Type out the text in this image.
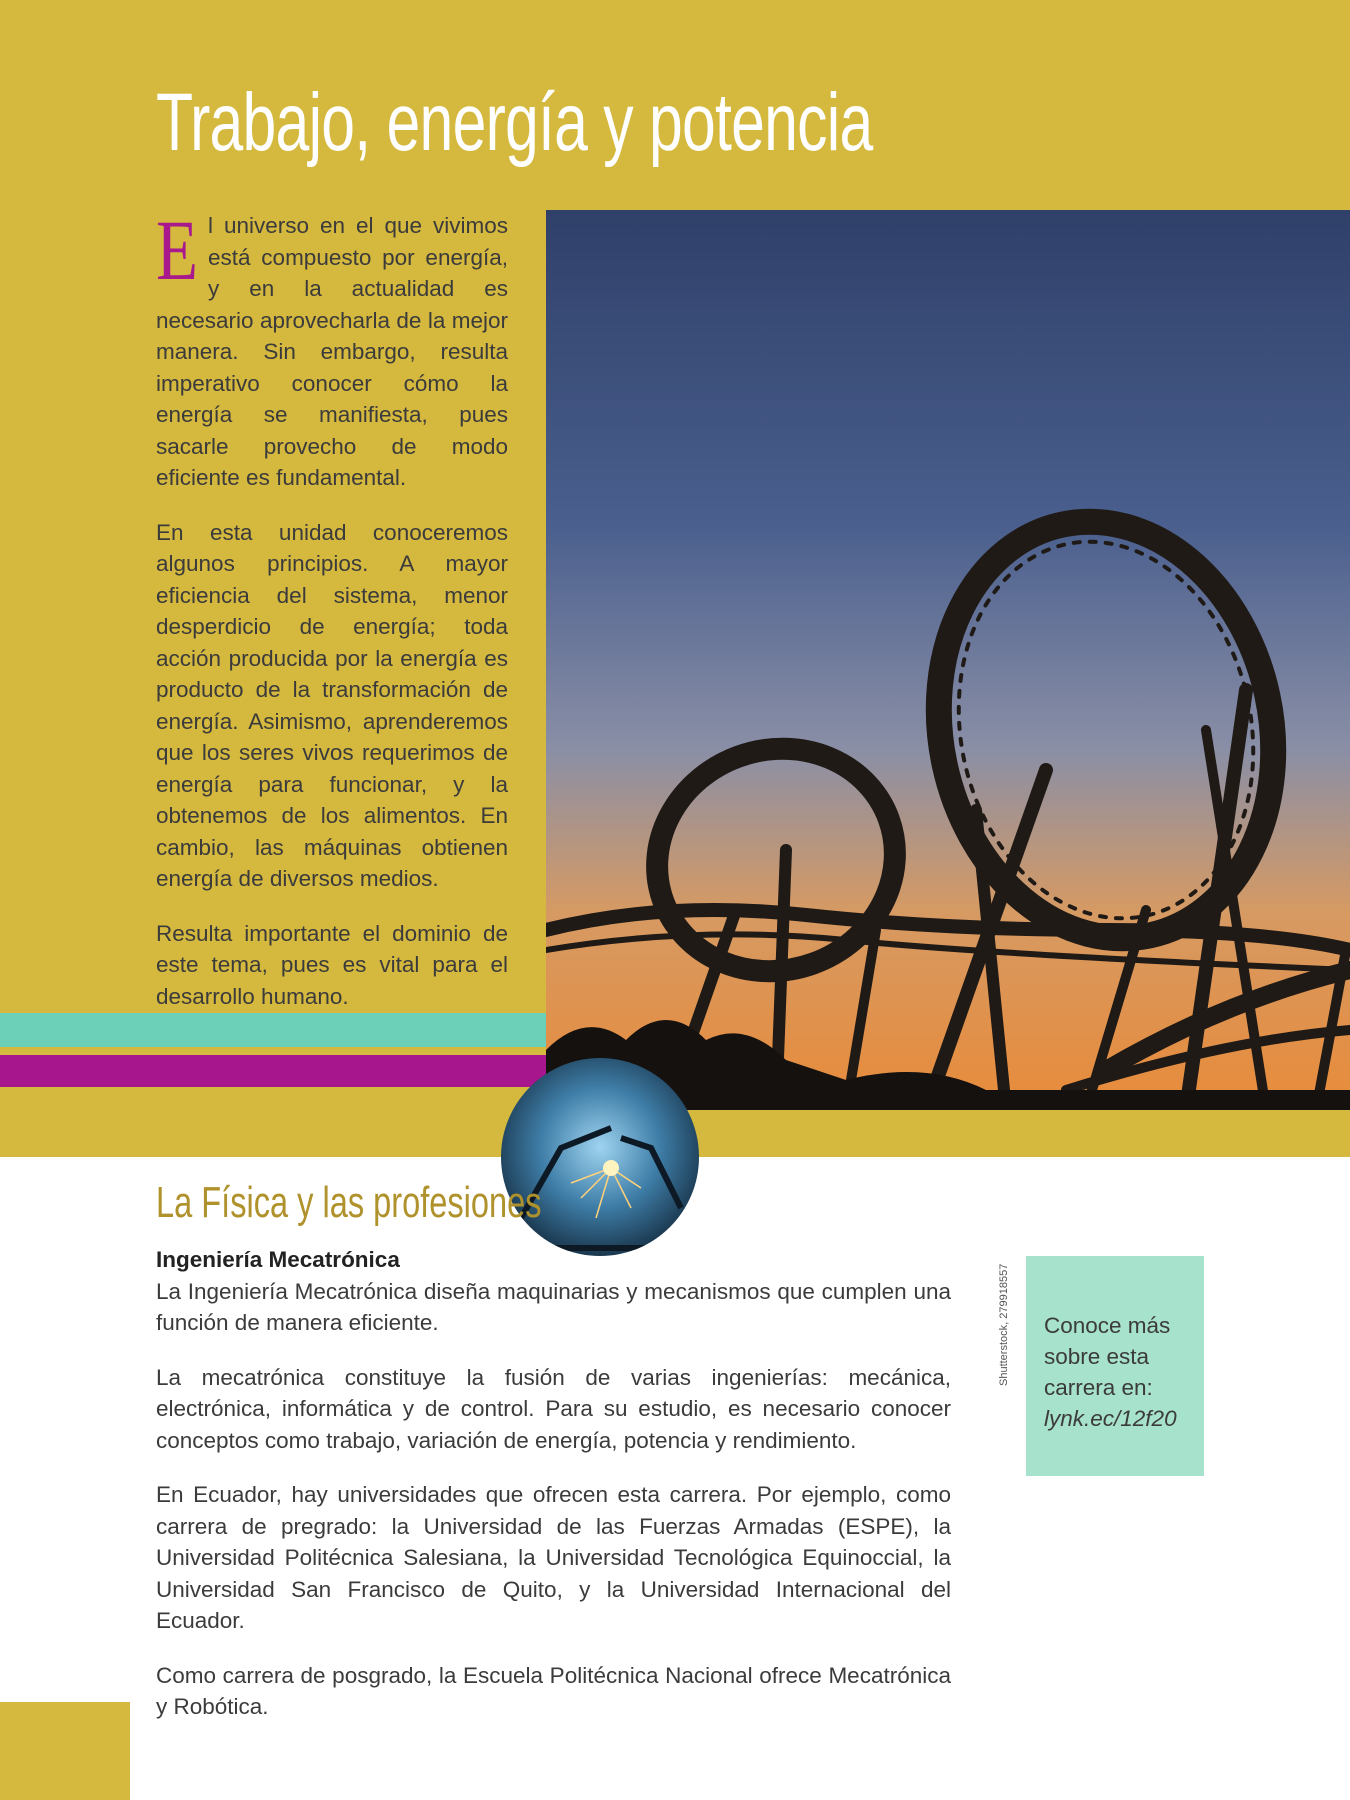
Trabajo, energía y potencia

El universo en el que vivimos está compuesto por energía, y en la actualidad es necesario aprovecharla de la mejor manera. Sin embargo, resulta imperativo conocer cómo la energía se manifiesta, pues sacarle provecho de modo eficiente es fundamental.

En esta unidad conoceremos algunos principios. A mayor eficiencia del sistema, menor desperdicio de energía; toda acción producida por la energía es producto de la transformación de energía. Asimismo, aprenderemos que los seres vivos requerimos de energía para funcionar, y la obtenemos de los alimentos. En cambio, las máquinas obtienen energía de diversos medios.

Resulta importante el dominio de este tema, pues es vital para el desarrollo humano.

La Física y las profesiones

Ingeniería Mecatrónica

La Ingeniería Mecatrónica diseña maquinarias y mecanismos que cumplen una función de manera eficiente.

La mecatrónica constituye la fusión de varias ingenierías: mecánica, electrónica, informática y de control. Para su estudio, es necesario conocer conceptos como trabajo, variación de energía, potencia y rendimiento.

En Ecuador, hay universidades que ofrecen esta carrera. Por ejemplo, como carrera de pregrado: la Universidad de las Fuerzas Armadas (ESPE), la Universidad Politécnica Salesiana, la Universidad Tecnológica Equinoccial, la Universidad San Francisco de Quito, y la Universidad Internacional del Ecuador.

Como carrera de posgrado, la Escuela Politécnica Nacional ofrece Mecatrónica y Robótica.

Shutterstock, 279918557	Conoce más sobre esta carrera en: lynk.ec/12f20
84
